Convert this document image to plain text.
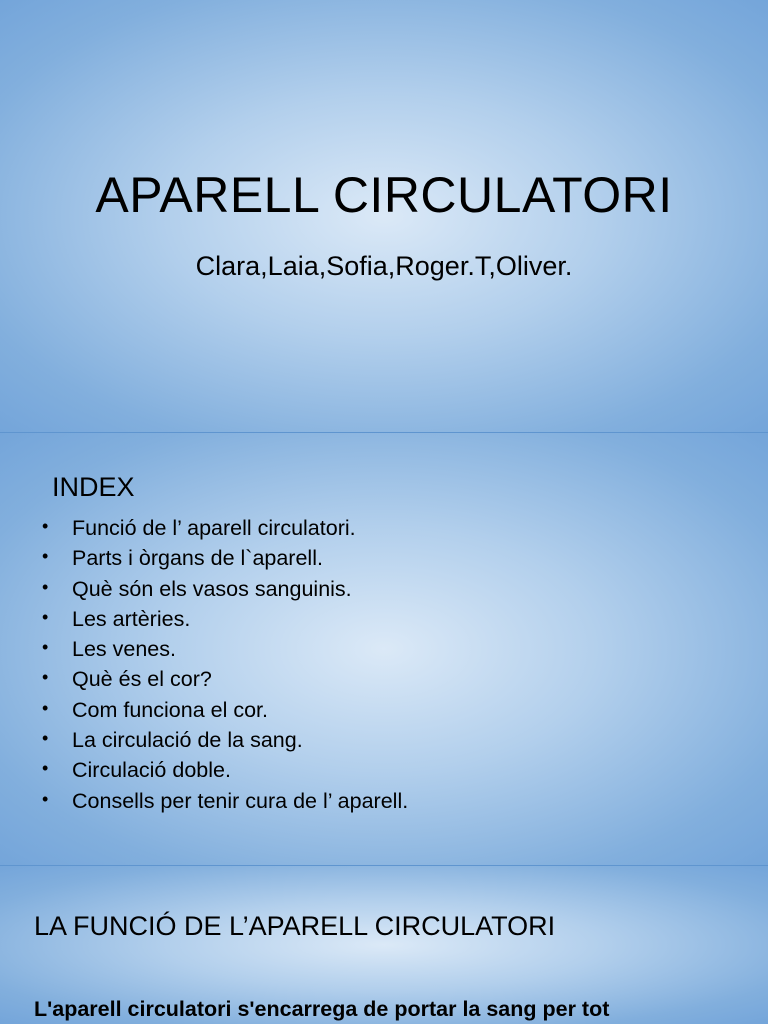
APARELL CIRCULATORI
Clara,Laia,Sofia,Roger.T,Oliver.
INDEX
• Funció de l’ aparell circulatori.
• Parts i òrgans de l`aparell.
• Què són els vasos sanguinis.
• Les artèries.
• Les venes.
• Què és el cor?
• Com funciona el cor.
• La circulació de la sang.
• Circulació doble.
• Consells per tenir cura de l’ aparell.
LA FUNCIÓ DE L’APARELL CIRCULATORI
L'aparell circulatori s'encarrega de portar la sang per tot
